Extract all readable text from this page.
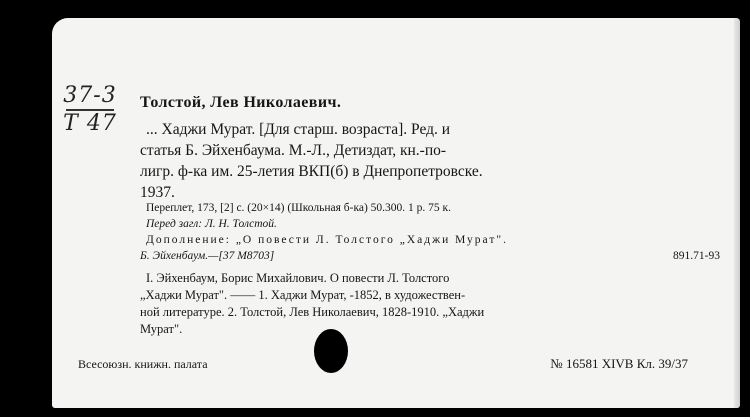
37-3
T 47
Толстой, Лев Николаевич.
... Хаджи Мурат. [Для старш. возраста]. Ред. и
статья Б. Эйхенбаума. М.-Л., Детиздат, кн.-по-
лигр. ф-ка им. 25-летия ВКП(б) в Днепропетровске.
1937.
Переплет, 173, [2] с. (20×14) (Школьная б-ка) 50.300. 1 р. 75 к.
Перед загл: Л. Н. Толстой.
Дополнение: „О повести Л. Толстого „Хаджи Мурат".
Б. Эйхенбаум.—[37 М8703]	891.71-93
I. Эйхенбаум, Борис Михайлович. О повести Л. Толстого
„Хаджи Мурат". —— 1. Хаджи Мурат, -1852, в художествен-
ной литературе. 2. Толстой, Лев Николаевич, 1828-1910. „Хаджи
Мурат".
Всесоюзн. книжн. палата	№ 16581 XIVB Кл. 39/37
